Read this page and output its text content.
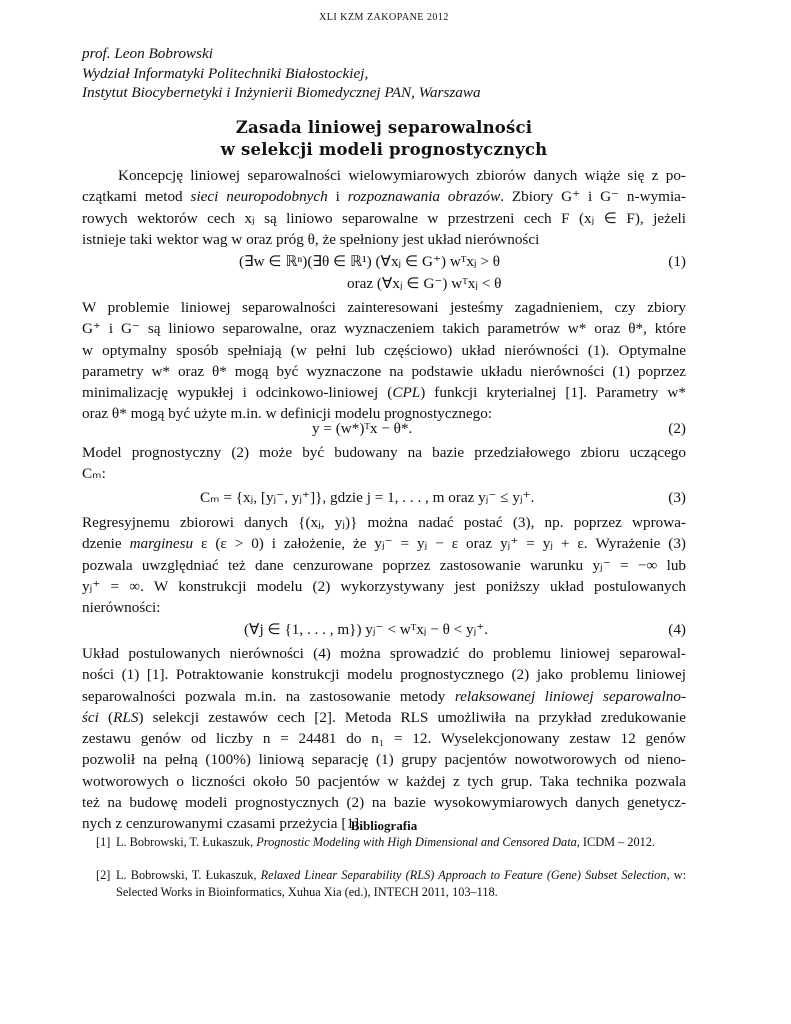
XLI KZM ZAKOPANE 2012
prof. Leon Bobrowski
Wydział Informatyki Politechniki Białostockiej,
Instytut Biocybernetyki i Inżynierii Biomedycznej PAN, Warszawa
Zasada liniowej separowalności
w selekcji modeli prognostycznych
Koncepcję liniowej separowalności wielowymiarowych zbiorów danych wiąże się z po-
czątkami metod sieci neuropodobnych i rozpoznawania obrazów. Zbiory G⁺ i G⁻ n-wymia-
rowych wektorów cech xⱼ są liniowo separowalne w przestrzeni cech F (xⱼ ∈ F), jeżeli
istnieje taki wektor wag w oraz próg θ, że spełniony jest układ nierówności
(∃w ∈ ℝⁿ)(∃θ ∈ ℝ¹) (∀xⱼ ∈ G⁺) wᵀxⱼ > θ
oraz (∀xⱼ ∈ G⁻) wᵀxⱼ < θ
(1)
W problemie liniowej separowalności zainteresowani jesteśmy zagadnieniem, czy zbiory
G⁺ i G⁻ są liniowo separowalne, oraz wyznaczeniem takich parametrów w* oraz θ*, które
w optymalny sposób spełniają (w pełni lub częściowo) układ nierówności (1). Optymalne
parametry w* oraz θ* mogą być wyznaczone na podstawie układu nierówności (1) poprzez
minimalizację wypukłej i odcinkowo-liniowej (CPL) funkcji kryterialnej [1]. Parametry w*
oraz θ* mogą być użyte m.in. w definicji modelu prognostycznego:
y = (w*)ᵀx − θ*.	(2)
Model prognostyczny (2) może być budowany na bazie przedziałowego zbioru uczącego
Cₘ:
Cₘ = {xⱼ, [yⱼ⁻, yⱼ⁺]}, gdzie j = 1, . . . , m oraz yⱼ⁻ ≤ yⱼ⁺.	(3)
Regresyjnemu zbiorowi danych {(xⱼ, yⱼ)} można nadać postać (3), np. poprzez wprowa-
dzenie marginesu ε (ε > 0) i założenie, że yⱼ⁻ = yⱼ − ε oraz yⱼ⁺ = yⱼ + ε. Wyrażenie (3)
pozwala uwzględniać też dane cenzurowane poprzez zastosowanie warunku yⱼ⁻ = −∞ lub
yⱼ⁺ = ∞. W konstrukcji modelu (2) wykorzystywany jest poniższy układ postulowanych
nierówności:
(∀j ∈ {1, . . . , m}) yⱼ⁻ < wᵀxⱼ − θ < yⱼ⁺.	(4)
Układ postulowanych nierówności (4) można sprowadzić do problemu liniowej separowal-
ności (1) [1]. Potraktowanie konstrukcji modelu prognostycznego (2) jako problemu liniowej
separowalności pozwala m.in. na zastosowanie metody relaksowanej liniowej separowalno-
ści (RLS) selekcji zestawów cech [2]. Metoda RLS umożliwiła na przykład zredukowanie
zestawu genów od liczby n = 24481 do n₁ = 12. Wyselekcjonowany zestaw 12 genów
pozwolił na pełną (100%) liniową separację (1) grupy pacjentów nowotworowych od nieno-
wotworowych o liczności około 50 pacjentów w każdej z tych grup. Taka technika pozwala
też na budowę modeli prognostycznych (2) na bazie wysokowymiarowych danych genetycz-
nych z cenzurowanymi czasami przeżycia [1].
Bibliografia
[1] L. Bobrowski, T. Łukaszuk, Prognostic Modeling with High Dimensional and Censored Data, ICDM – 2012.
[2] L. Bobrowski, T. Łukaszuk, Relaxed Linear Separability (RLS) Approach to Feature (Gene) Subset Selection, w: Selected Works in Bioinformatics, Xuhua Xia (ed.), INTECH 2011, 103–118.
